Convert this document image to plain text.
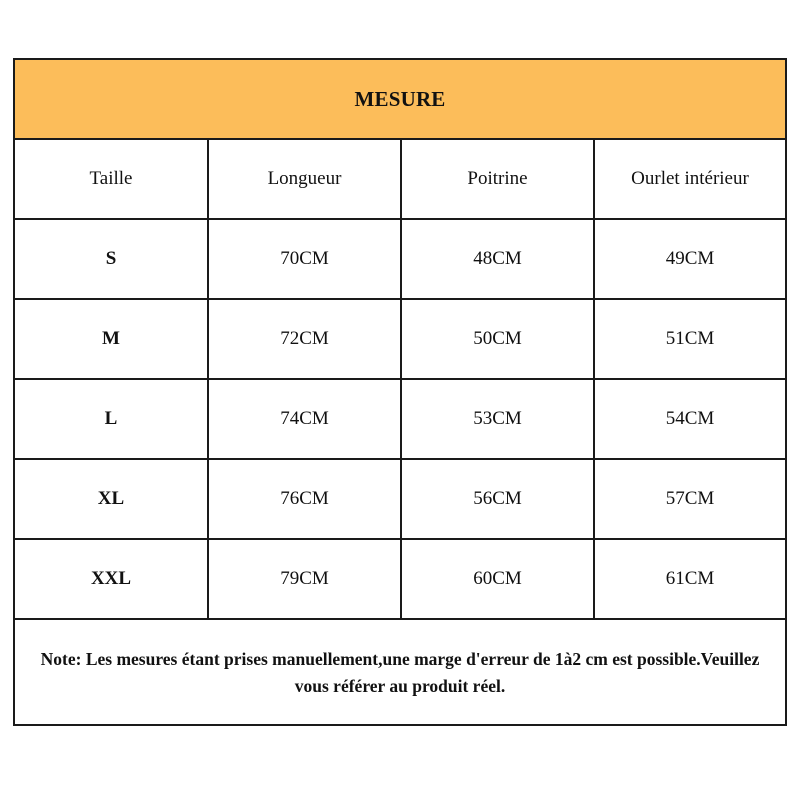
MESURE
Taille	Longueur	Poitrine	Ourlet intérieur
S	70CM	48CM	49CM
M	72CM	50CM	51CM
L	74CM	53CM	54CM
XL	76CM	56CM	57CM
XXL	79CM	60CM	61CM
Note: Les mesures étant prises manuellement,une marge d'erreur de 1à2 cm est possible.Veuillez vous référer au produit réel.
